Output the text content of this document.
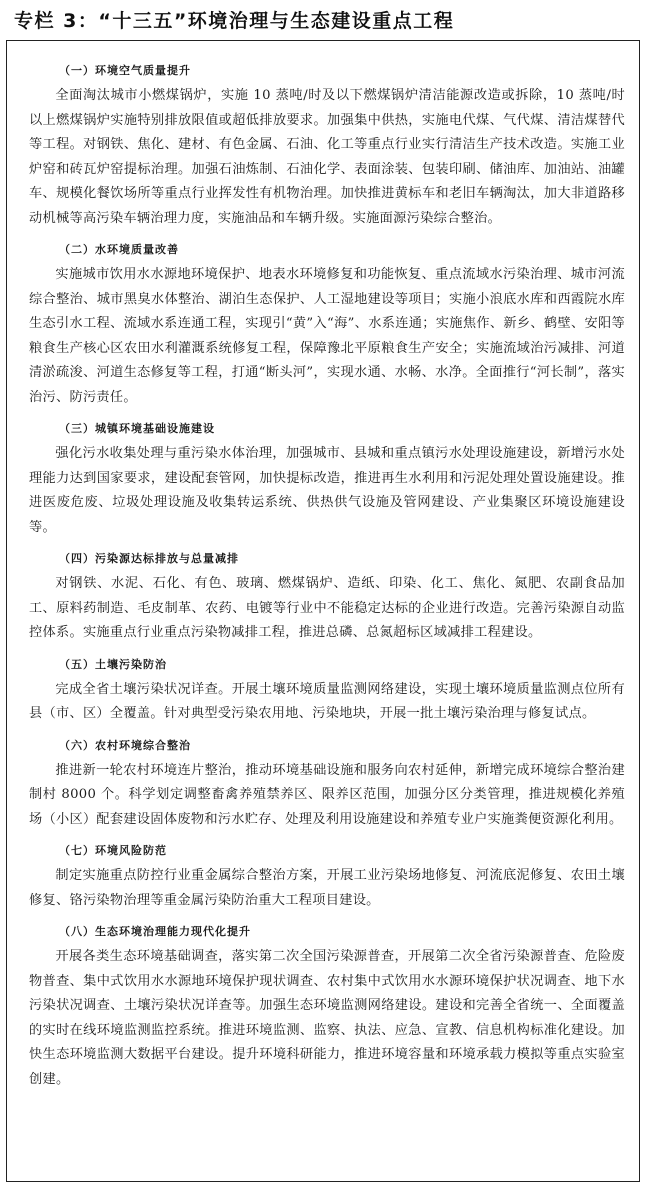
专栏 3：“十三五”环境治理与生态建设重点工程
（一）环境空气质量提升

全面淘汰城市小燃煤锅炉，实施 10 蒸吨/时及以下燃煤锅炉清洁能源改造或拆除，10 蒸吨/时以上燃煤锅炉实施特别排放限值或超低排放要求。加强集中供热，实施电代煤、气代煤、清洁煤替代等工程。对钢铁、焦化、建材、有色金属、石油、化工等重点行业实行清洁生产技术改造。实施工业炉窑和砖瓦炉窑提标治理。加强石油炼制、石油化学、表面涂装、包装印刷、储油库、加油站、油罐车、规模化餐饮场所等重点行业挥发性有机物治理。加快推进黄标车和老旧车辆淘汰，加大非道路移动机械等高污染车辆治理力度，实施油品和车辆升级。实施面源污染综合整治。

（二）水环境质量改善

实施城市饮用水水源地环境保护、地表水环境修复和功能恢复、重点流域水污染治理、城市河流综合整治、城市黑臭水体整治、湖泊生态保护、人工湿地建设等项目；实施小浪底水库和西霞院水库生态引水工程、流域水系连通工程，实现引“黄”入“海”、水系连通；实施焦作、新乡、鹤壁、安阳等粮食生产核心区农田水利灌溉系统修复工程，保障豫北平原粮食生产安全；实施流域治污减排、河道清淤疏浚、河道生态修复等工程，打通“断头河”，实现水通、水畅、水净。全面推行“河长制”，落实治污、防污责任。

（三）城镇环境基础设施建设

强化污水收集处理与重污染水体治理，加强城市、县城和重点镇污水处理设施建设，新增污水处理能力达到国家要求，建设配套管网，加快提标改造，推进再生水利用和污泥处理处置设施建设。推进医废危废、垃圾处理设施及收集转运系统、供热供气设施及管网建设、产业集聚区环境设施建设等。

（四）污染源达标排放与总量减排

对钢铁、水泥、石化、有色、玻璃、燃煤锅炉、造纸、印染、化工、焦化、氮肥、农副食品加工、原料药制造、毛皮制革、农药、电镀等行业中不能稳定达标的企业进行改造。完善污染源自动监控体系。实施重点行业重点污染物减排工程，推进总磷、总氮超标区域减排工程建设。

（五）土壤污染防治

完成全省土壤污染状况详查。开展土壤环境质量监测网络建设，实现土壤环境质量监测点位所有县（市、区）全覆盖。针对典型受污染农用地、污染地块，开展一批土壤污染治理与修复试点。

（六）农村环境综合整治

推进新一轮农村环境连片整治，推动环境基础设施和服务向农村延伸，新增完成环境综合整治建制村 8000 个。科学划定调整畜禽养殖禁养区、限养区范围，加强分区分类管理，推进规模化养殖场（小区）配套建设固体废物和污水贮存、处理及利用设施建设和养殖专业户实施粪便资源化利用。

（七）环境风险防范

制定实施重点防控行业重金属综合整治方案，开展工业污染场地修复、河流底泥修复、农田土壤修复、铬污染物治理等重金属污染防治重大工程项目建设。

（八）生态环境治理能力现代化提升

开展各类生态环境基础调查，落实第二次全国污染源普查，开展第二次全省污染源普查、危险废物普查、集中式饮用水水源地环境保护现状调查、农村集中式饮用水水源环境保护状况调查、地下水污染状况调查、土壤污染状况详查等。加强生态环境监测网络建设。建设和完善全省统一、全面覆盖的实时在线环境监测监控系统。推进环境监测、监察、执法、应急、宣教、信息机构标准化建设。加快生态环境监测大数据平台建设。提升环境科研能力，推进环境容量和环境承载力模拟等重点实验室创建。
